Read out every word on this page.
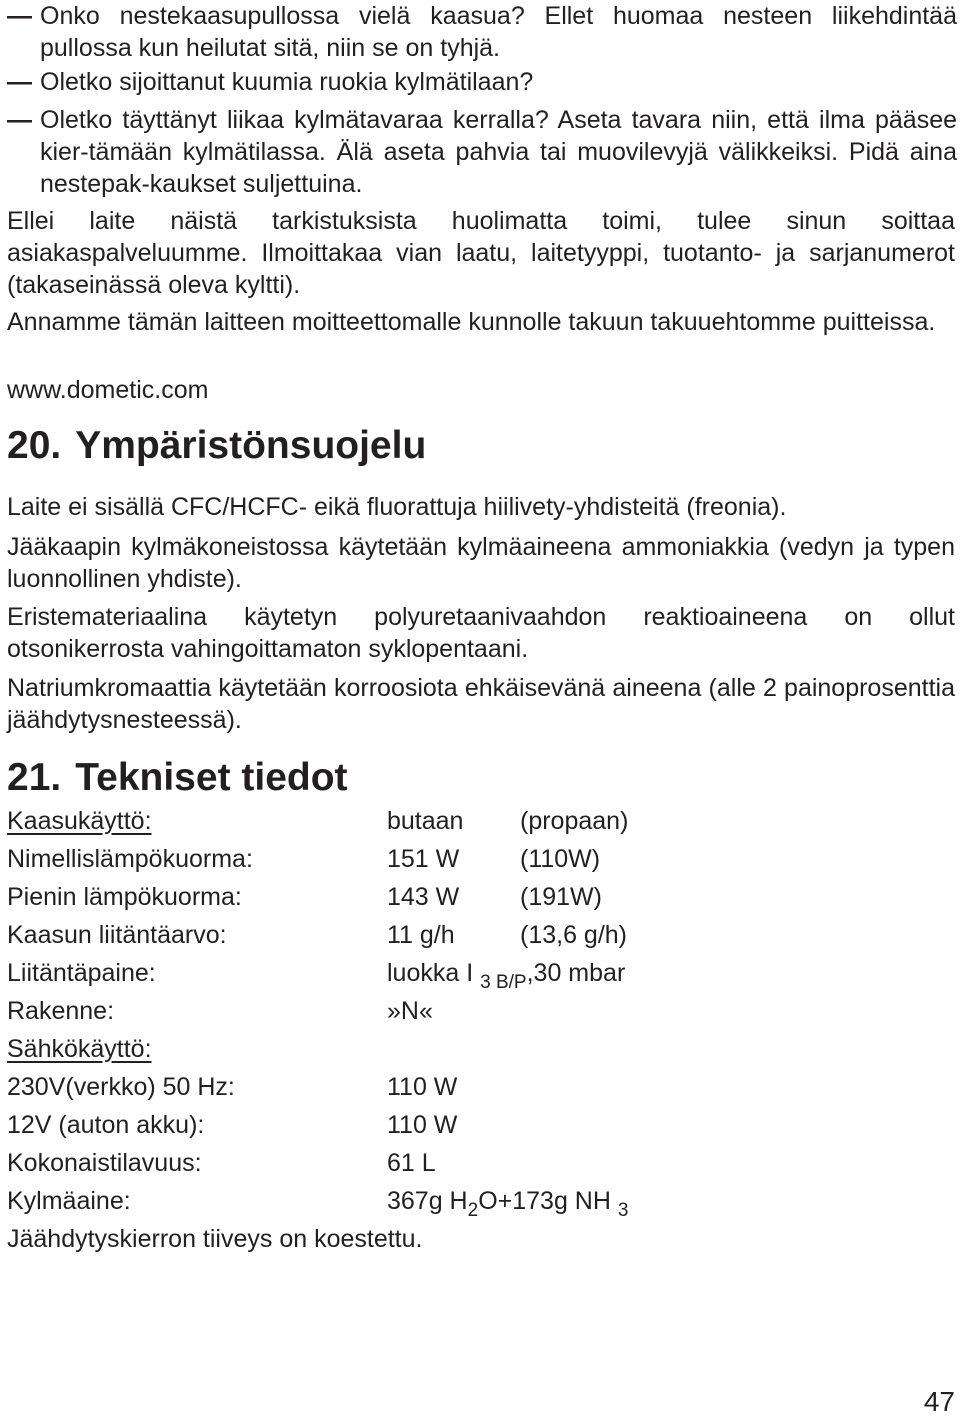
— Onko nestekaasupullossa vielä kaasua? Ellet huomaa nesteen liikehdintää pullossa kun heilutat sitä, niin se on tyhjä.
— Oletko sijoittanut kuumia ruokia kylmätilaan?
— Oletko täyttänyt liikaa kylmätavaraa kerralla? Aseta tavara niin, että ilma pääsee kier-tämään kylmätilassa. Älä aseta pahvia tai muovilevyjä välikkeiksi. Pidä aina nestepak-kaukset suljettuina.
Ellei laite näistä tarkistuksista huolimatta toimi, tulee sinun soittaa asiakaspalveluumme. Ilmoittakaa vian laatu, laitetyyppi, tuotanto- ja sarjanumerot (takaseinässä oleva kyltti).
Annamme tämän laitteen moitteettomalle kunnolle takuun takuuehtomme puitteissa.
www.dometic.com
20. Ympäristönsuojelu
Laite ei sisällä CFC/HCFC- eikä fluorattuja hiilivety-yhdisteitä (freonia).
Jääkaapin kylmäkoneistossa käytetään kylmäaineena ammoniakkia (vedyn ja typen luonnollinen yhdiste).
Eristemateriaalina käytetyn polyuretaanivaahdon reaktioaineena on ollut otsonikerrosta vahingoittamaton syklopentaani.
Natriumkromaattia käytetään korroosiota ehkäisevänä aineena (alle 2 painoprosenttia jäähdytysnesteessä).
21. Tekniset tiedot
Kaasukäyttö:	butaan (propaan)
Nimellislämpökuorma:	151 W (110W)
Pienin lämpökuorma:	143 W (191W)
Kaasun liitäntäarvo:	11 g/h	(13,6 g/h)
Liitäntäpaine:	luokka I $_{3 B/P}$,30 mbar
Rakenne:	»N«
Sähkökäyttö:
230V(verkko) 50 Hz:	110 W
12V (auton akku):	110 W
Kokonaistilavuus:	61 L
Kylmäaine:	367g $H_2O+173g$ NH $_3$
Jäähdytyskierron tiiveys on koestettu.
47
